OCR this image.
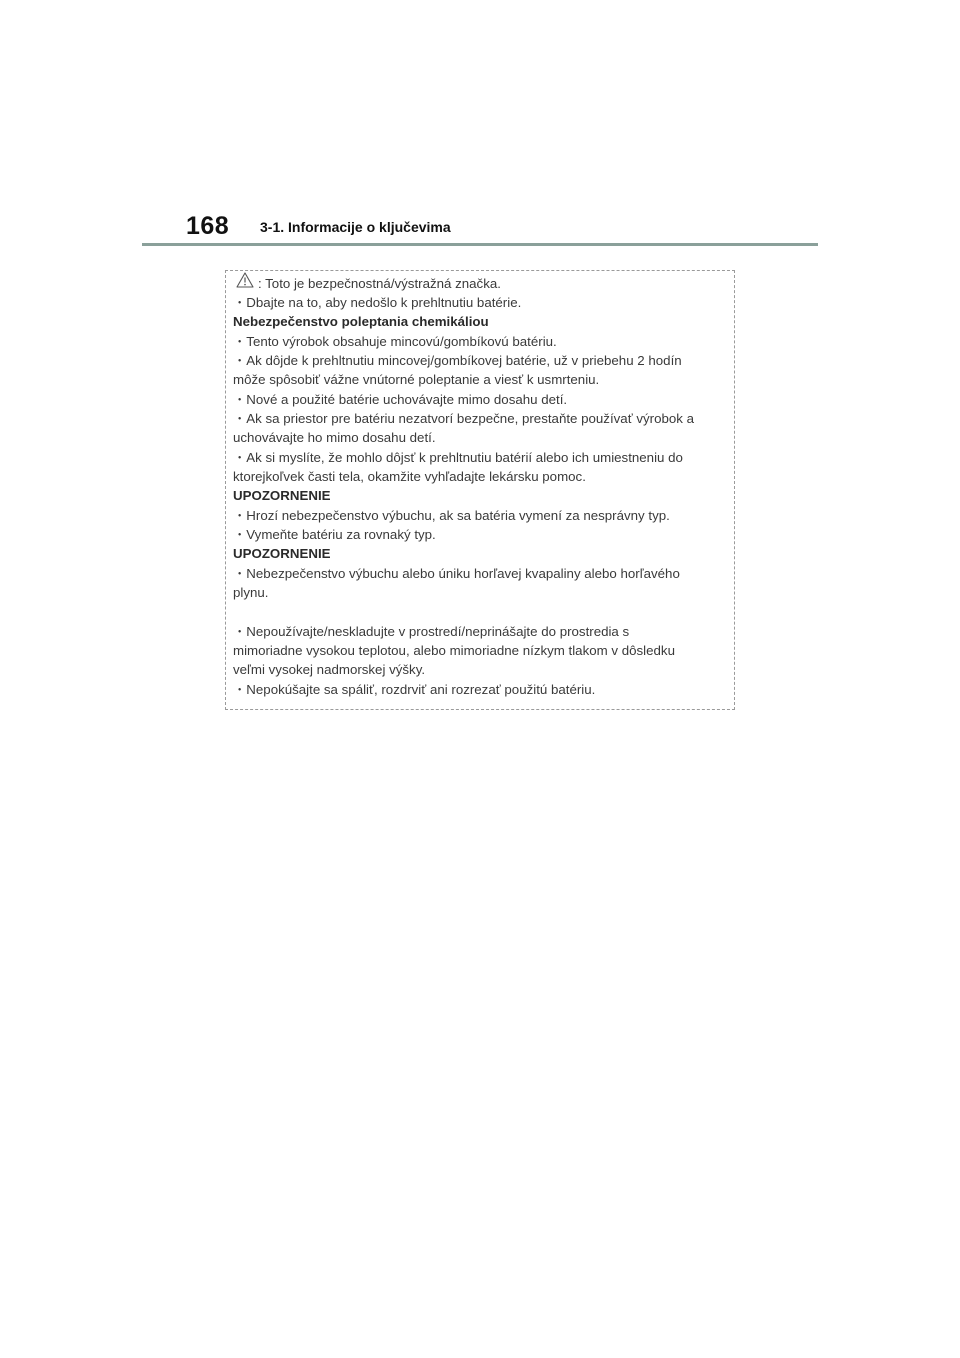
168 3-1. Informacije o ključevima
: Toto je bezpečnostná/výstražná značka.
・Dbajte na to, aby nedošlo k prehltnutiu batérie.
Nebezpečenstvo poleptania chemikáliou
・Tento výrobok obsahuje mincovú/gombíkovú batériu.
・Ak dôjde k prehltnutiu mincovej/gombíkovej batérie, už v priebehu 2 hodín
môže spôsobiť vážne vnútorné poleptanie a viesť k usmrteniu.
・Nové a použité batérie uchovávajte mimo dosahu detí.
・Ak sa priestor pre batériu nezatvorí bezpečne, prestaňte používať výrobok a
uchovávajte ho mimo dosahu detí.
・Ak si myslíte, že mohlo dôjsť k prehltnutiu batérií alebo ich umiestneniu do
ktorejkoľvek časti tela, okamžite vyhľadajte lekársku pomoc.
UPOZORNENIE
・Hrozí nebezpečenstvo výbuchu, ak sa batéria vymení za nesprávny typ.
・Vymeňte batériu za rovnaký typ.
UPOZORNENIE
・Nebezpečenstvo výbuchu alebo úniku horľavej kvapaliny alebo horľavého
plynu.
・Nepoužívajte/neskladujte v prostredí/neprinášajte do prostredia s
mimoriadne vysokou teplotou, alebo mimoriadne nízkym tlakom v dôsledku
veľmi vysokej nadmorskej výšky.
・Nepokúšajte sa spáliť, rozdrviť ani rozrezať použitú batériu.
